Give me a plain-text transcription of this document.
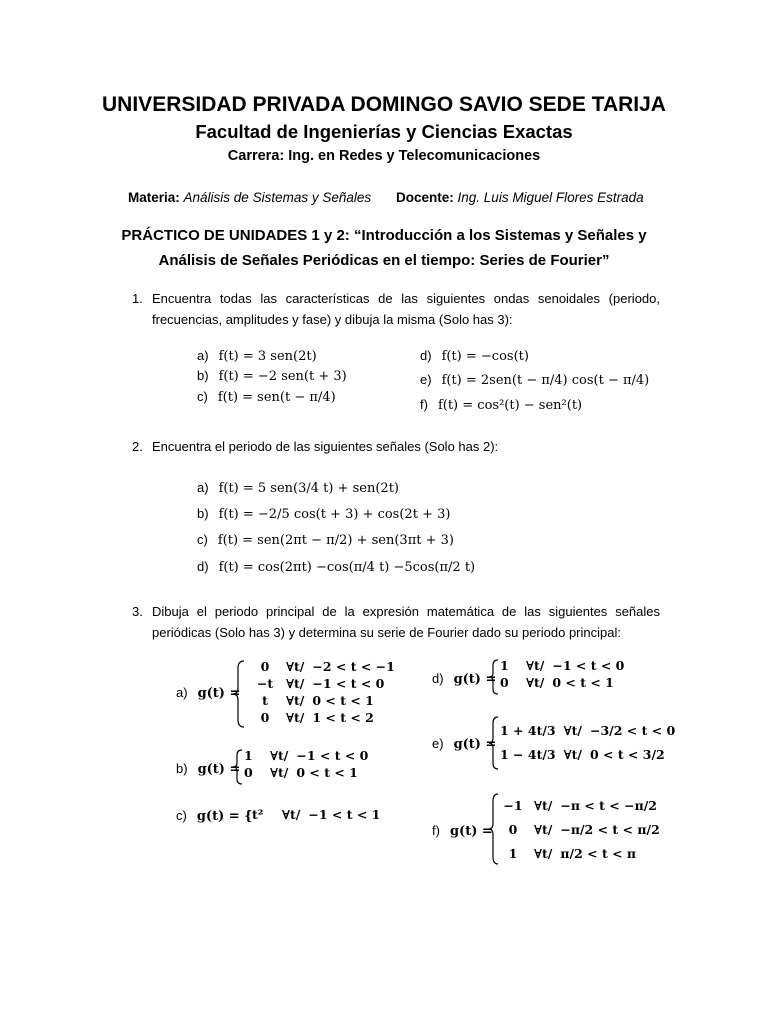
UNIVERSIDAD PRIVADA DOMINGO SAVIO SEDE TARIJA
Facultad de Ingenierías y Ciencias Exactas
Carrera: Ing. en Redes y Telecomunicaciones
Materia: Análisis de Sistemas y Señales Docente: Ing. Luis Miguel Flores Estrada
PRÁCTICO DE UNIDADES 1 y 2: “Introducción a los Sistemas y Señales y
Análisis de Señales Periódicas en el tiempo: Series de Fourier”
1. Encuentra todas las características de las siguientes ondas senoidales (periodo, frecuencias, amplitudes y fase) y dibuja la misma (Solo has 3):
a) f(t) = 3 sen(2t)
b) f(t) = −2 sen(t + 3)
c) f(t) = sen(t − π/4)
d) f(t) = −cos(t)
e) f(t) = 2sen(t − π/4) cos(t − π/4)
f) f(t) = cos²(t) − sen²(t)
2. Encuentra el periodo de las siguientes señales (Solo has 2):
a) f(t) = 5 sen(3/4 t) + sen(2t)
b) f(t) = −2/5 cos(t + 3) + cos(2t + 3)
c) f(t) = sen(2πt − π/2) + sen(3πt + 3)
d) f(t) = cos(2πt) −cos(π/4 t) −5cos(π/2 t)
3. Dibuja el periodo principal de la expresión matemática de las siguientes señales periódicas (Solo has 3) y determina su serie de Fourier dado su periodo principal:
a) g(t) =
0	∀t/	−2 < t < −1
−t	∀t/	−1 < t < 0
t	∀t/	0 < t < 1
0	∀t/	1 < t < 2
b) g(t) =
1	∀t/	−1 < t < 0
0	∀t/	0 < t < 1
c) g(t) = { t²	∀t/	−1 < t < 1
d) g(t) =
1	∀t/	−1 < t < 0
0	∀t/	0 < t < 1
e) g(t) =
1 + 4t/3	∀t/	−3/2 < t < 0
1 − 4t/3	∀t/	0 < t < 3/2
f) g(t) =
−1	∀t/	−π < t < −π/2
0	∀t/	−π/2 < t < π/2
1	∀t/	π/2 < t < π
